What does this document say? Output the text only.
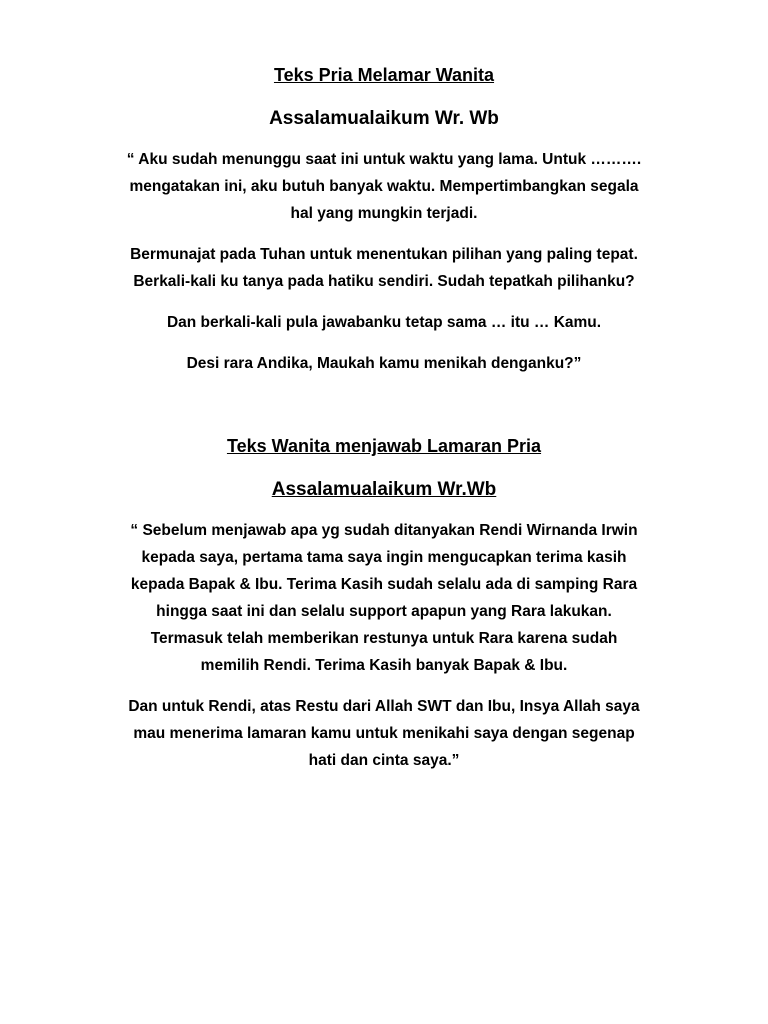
Teks Pria Melamar Wanita
Assalamualaikum Wr. Wb

“ Aku sudah menunggu saat ini untuk waktu yang lama. Untuk ……….
mengatakan ini, aku butuh banyak waktu. Mempertimbangkan segala
hal yang mungkin terjadi.

Bermunajat pada Tuhan untuk menentukan pilihan yang paling tepat.
Berkali-kali ku tanya pada hatiku sendiri. Sudah tepatkah pilihanku?

Dan berkali-kali pula jawabanku tetap sama … itu … Kamu.

Desi rara Andika, Maukah kamu menikah denganku?”

Teks Wanita menjawab Lamaran Pria
Assalamualaikum Wr.Wb

“ Sebelum menjawab apa yg sudah ditanyakan Rendi Wirnanda Irwin
kepada saya, pertama tama saya ingin mengucapkan terima kasih
kepada Bapak & Ibu. Terima Kasih sudah selalu ada di samping Rara
hingga saat ini dan selalu support apapun yang Rara lakukan.
Termasuk telah memberikan restunya untuk Rara karena sudah
memilih Rendi. Terima Kasih banyak Bapak & Ibu.

Dan untuk Rendi, atas Restu dari Allah SWT dan Ibu, Insya Allah saya
mau menerima lamaran kamu untuk menikahi saya dengan segenap
hati dan cinta saya.”
